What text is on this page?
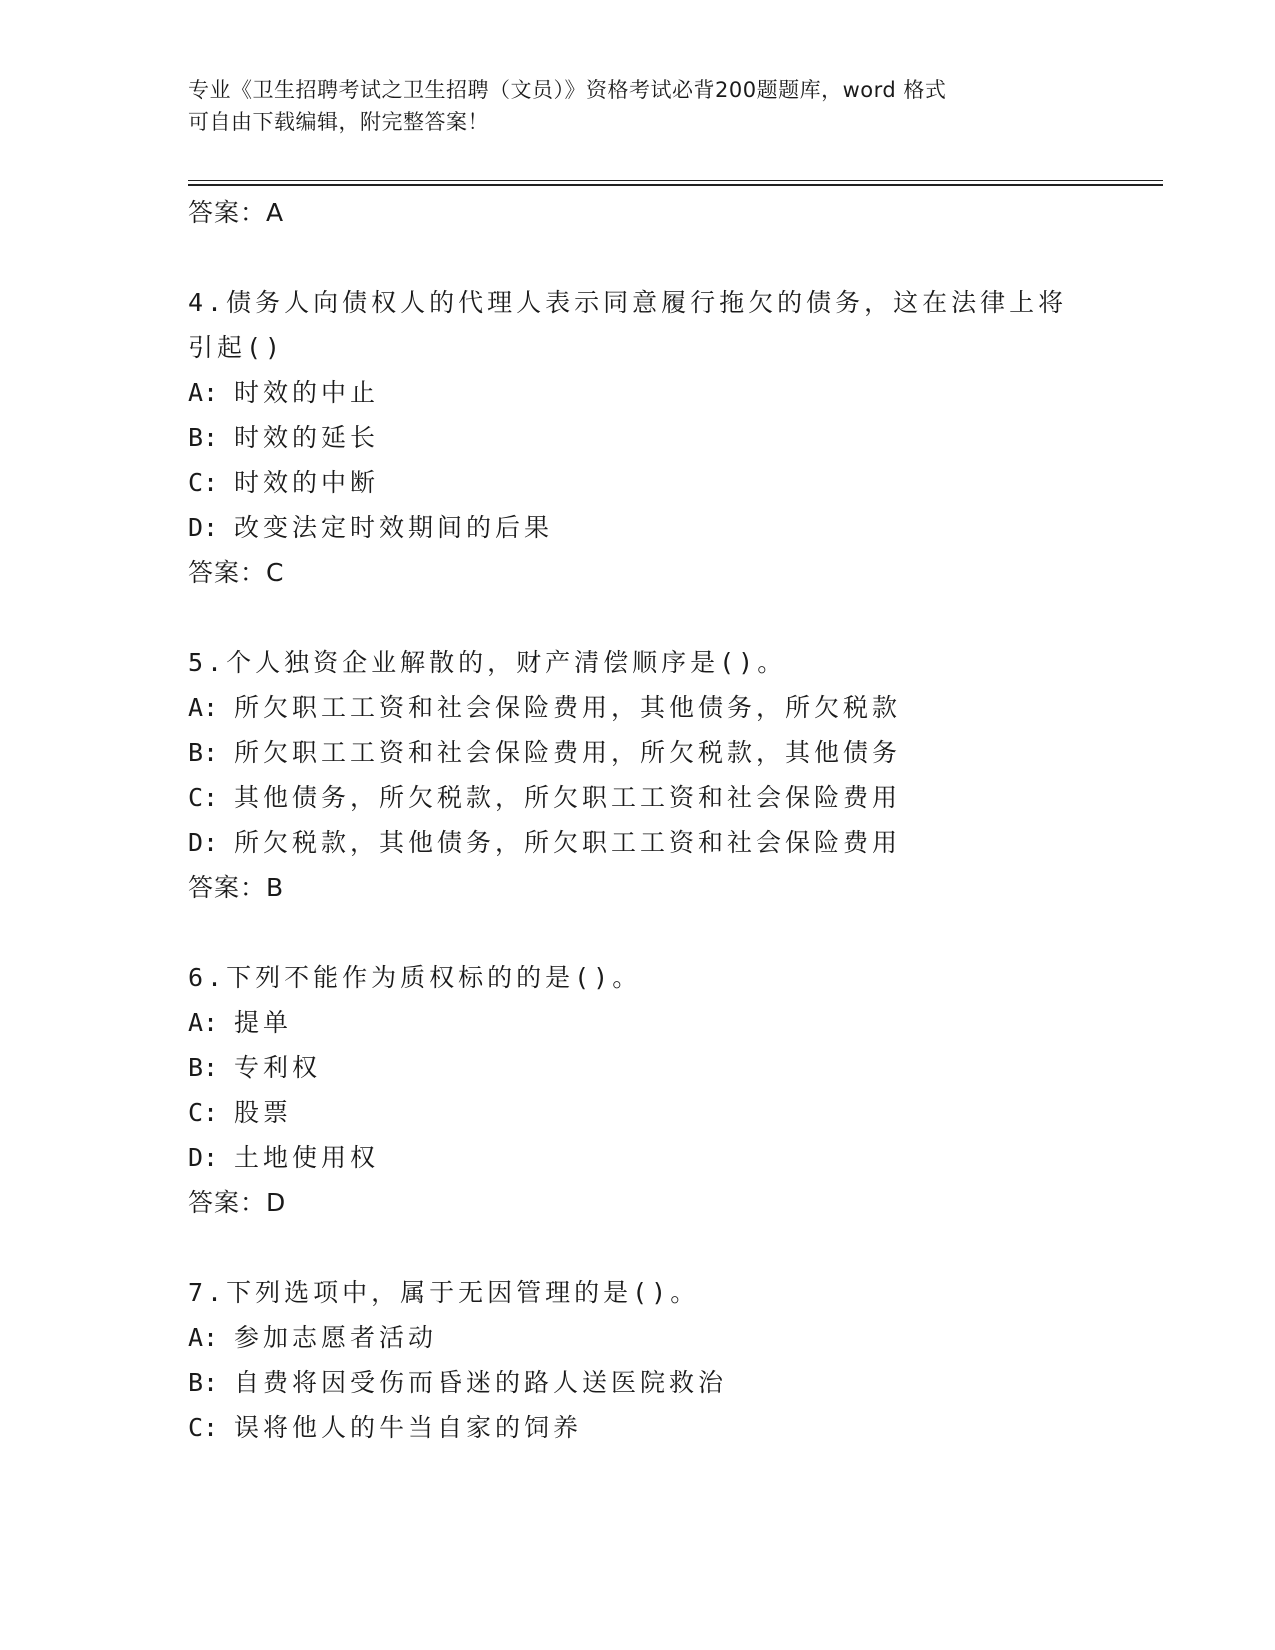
专业《卫生招聘考试之卫生招聘（文员）》资格考试必背200题题库，word 格式
可自由下载编辑，附完整答案！
答案：A
4.债务人向债权人的代理人表示同意履行拖欠的债务，这在法律上将
引起()
A: 时效的中止
B: 时效的延长
C: 时效的中断
D: 改变法定时效期间的后果
答案：C
5.个人独资企业解散的，财产清偿顺序是()。
A: 所欠职工工资和社会保险费用，其他债务，所欠税款
B: 所欠职工工资和社会保险费用，所欠税款，其他债务
C: 其他债务，所欠税款，所欠职工工资和社会保险费用
D: 所欠税款，其他债务，所欠职工工资和社会保险费用
答案：B
6.下列不能作为质权标的的是()。
A: 提单
B: 专利权
C: 股票
D: 土地使用权
答案：D
7.下列选项中，属于无因管理的是()。
A: 参加志愿者活动
B: 自费将因受伤而昏迷的路人送医院救治
C: 误将他人的牛当自家的饲养
